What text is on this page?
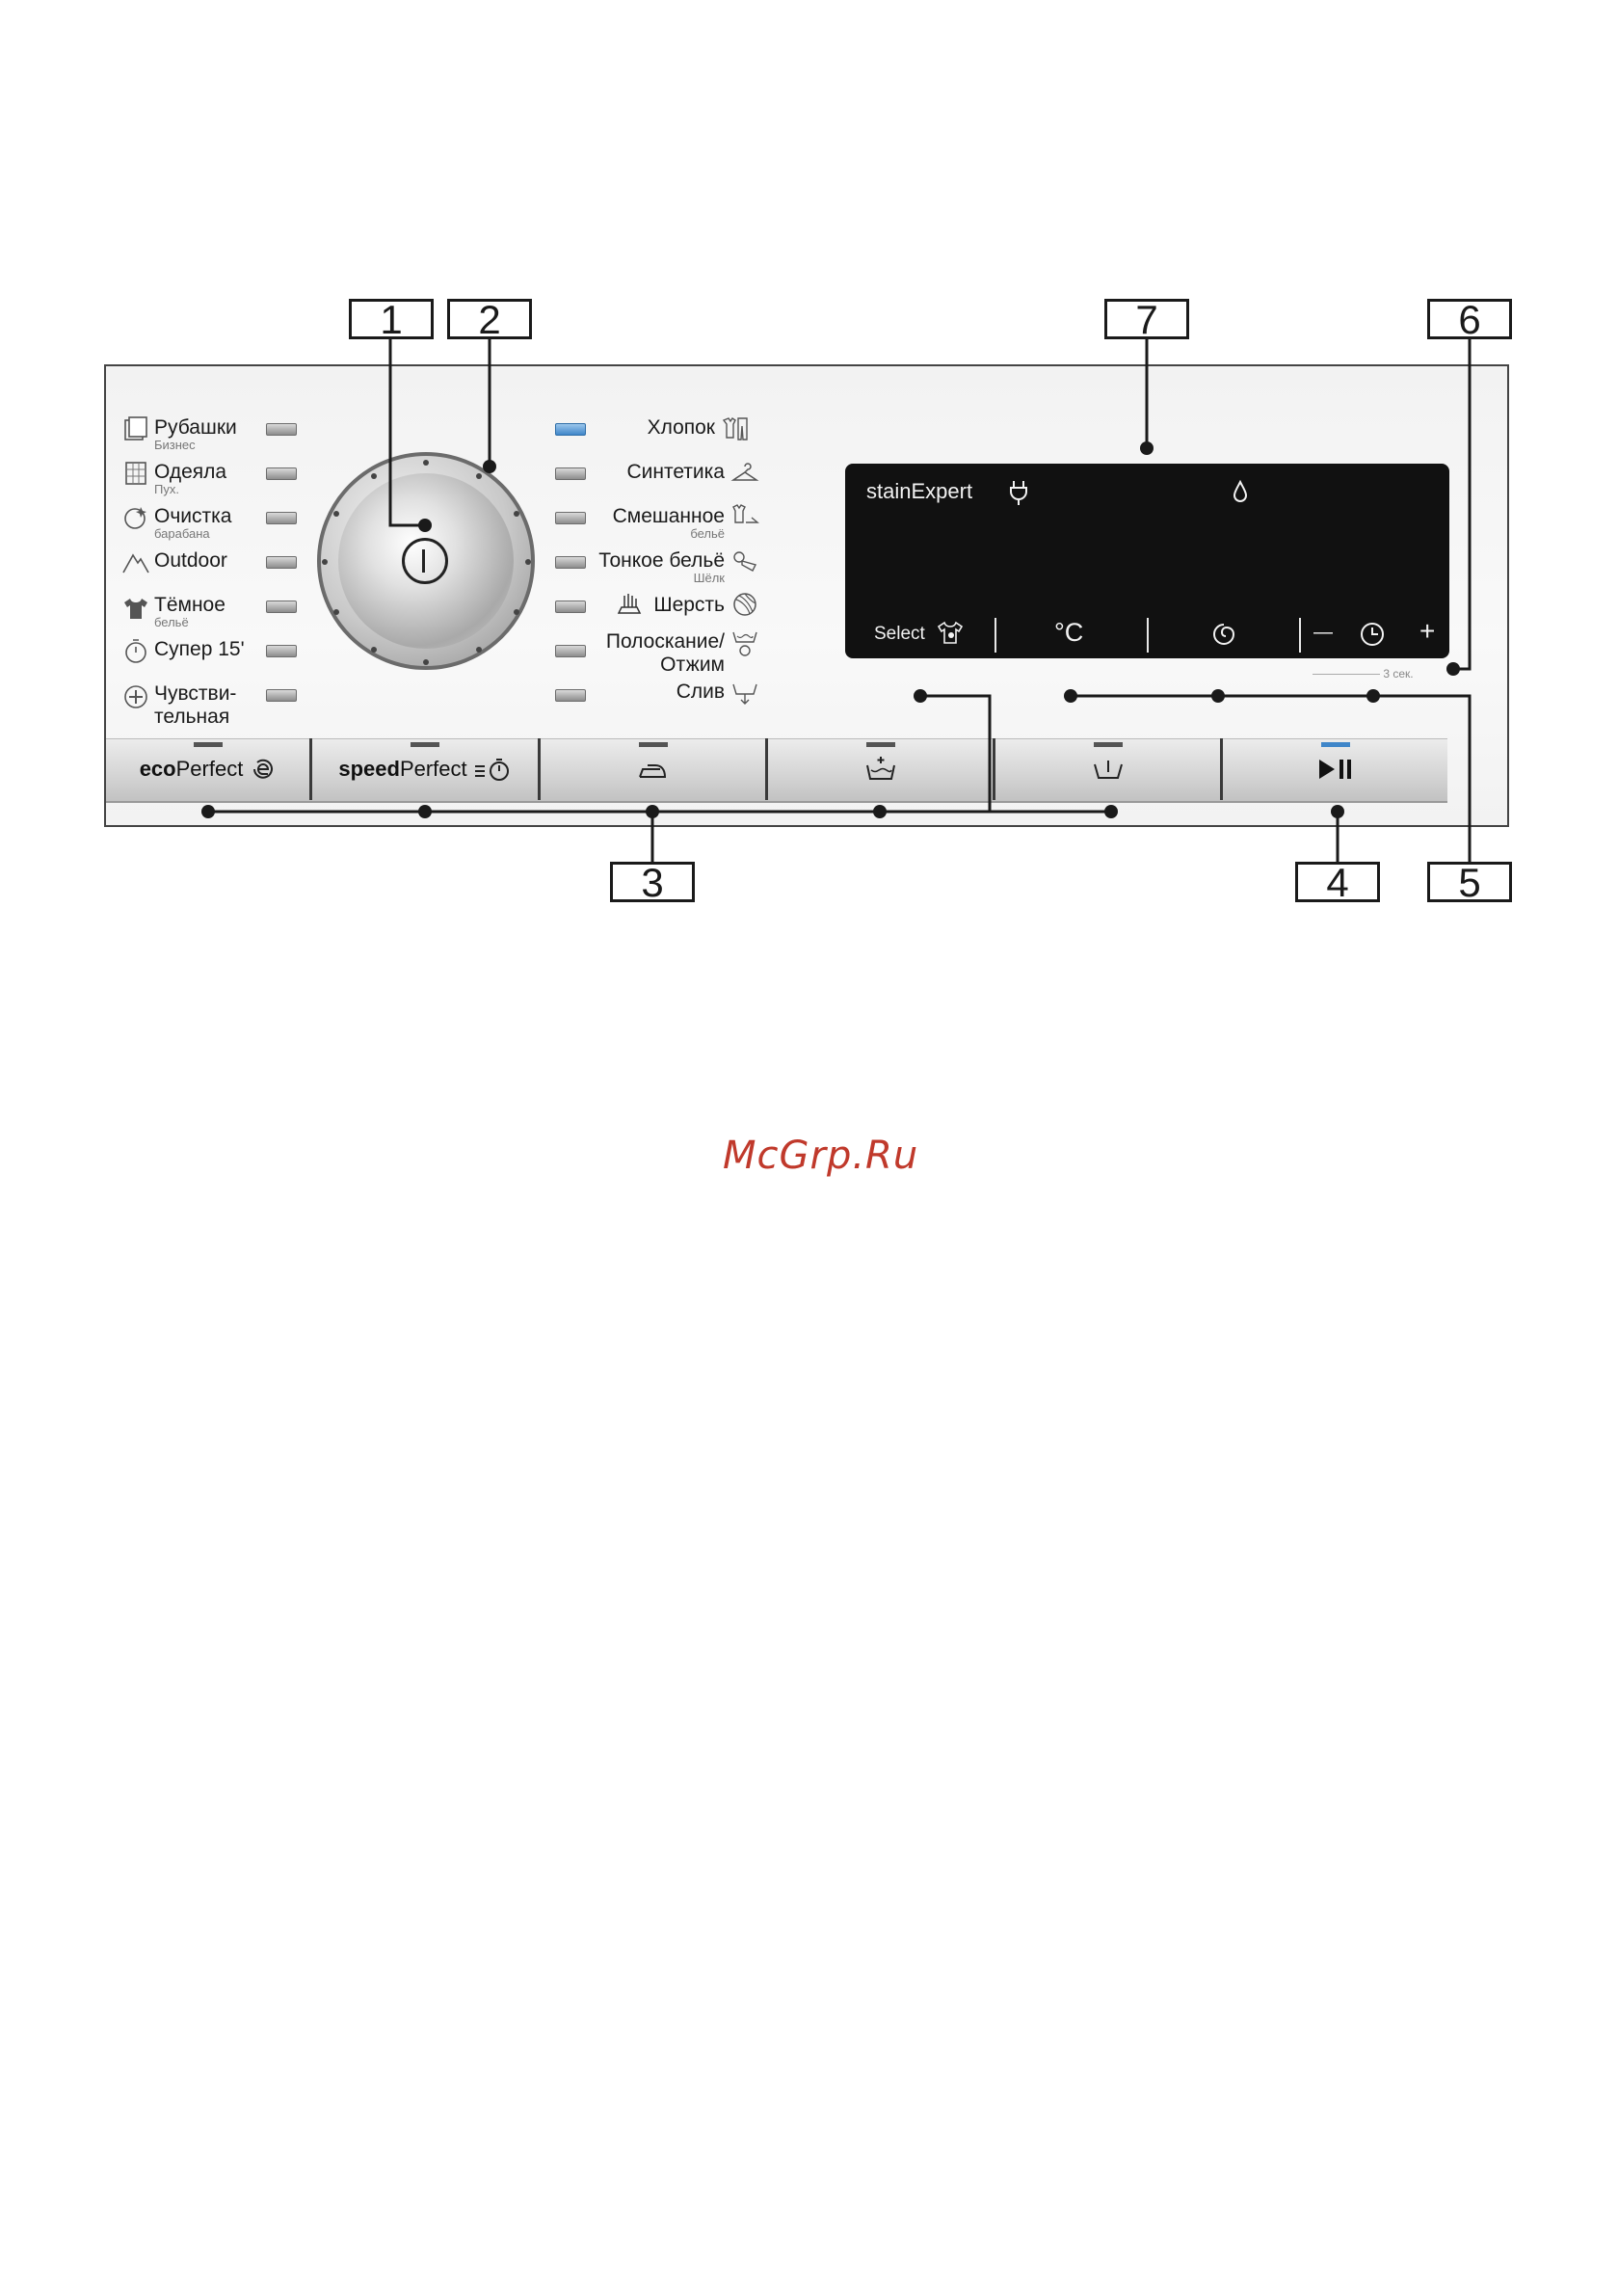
1	2	7	6
3	4	5
Рубашки
Бизнес
Одеяла
Пух.
Очистка
барабана
Outdoor
Тёмное
бельё
Супер 15'
Чувстви-
тельная
Хлопок
Синтетика
Смешанное
бельё
Тонкое бельё
Шёлк
Шерсть
Полоскание/
Отжим
Слив
stainExpert
Select	°C	—	+
3 сек.
eco Perfect	speed Perfect
McGrp.Ru
